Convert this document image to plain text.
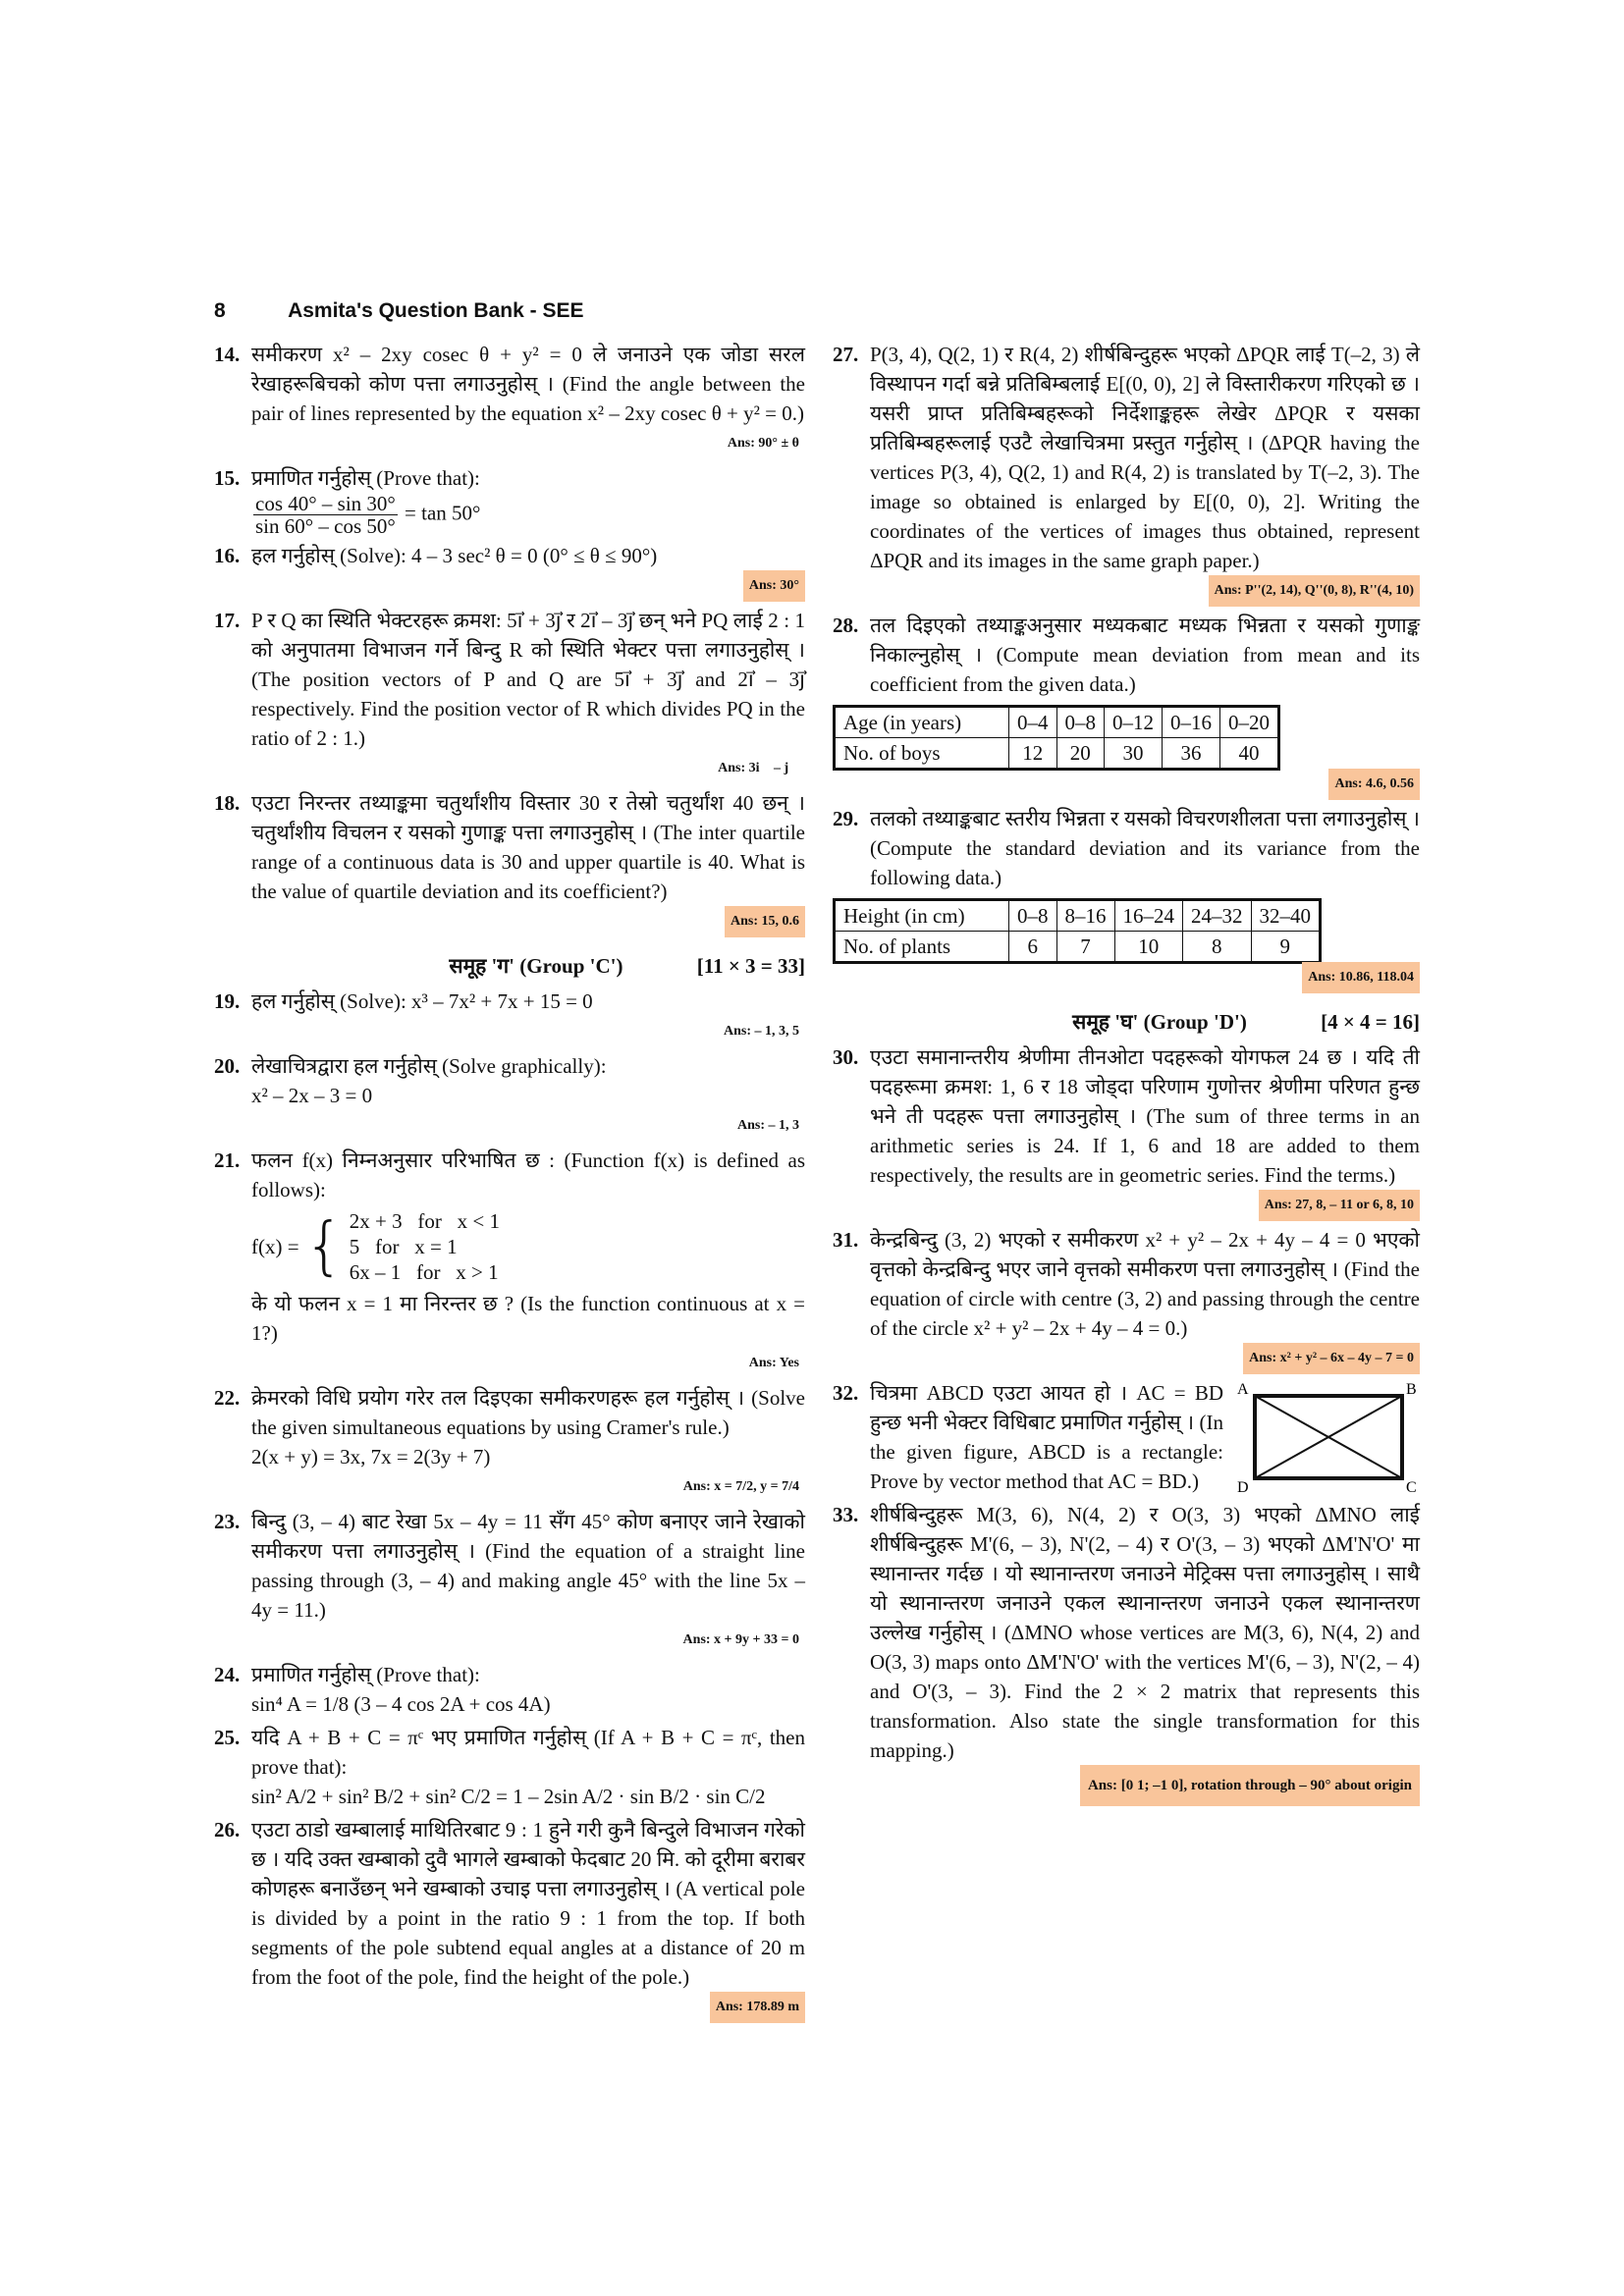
8	Asmita's Question Bank - SEE
14. समीकरण x² – 2xy cosec θ + y² = 0 ले जनाउने एक जोडा सरल रेखाहरूबिचको कोण पत्ता लगाउनुहोस् । (Find the angle between the pair of lines represented by the equation x² – 2xy cosec θ + y² = 0.)
Ans: 90° ± θ
15. प्रमाणित गर्नुहोस् (Prove that):
$\frac{\cos 40^\circ - \sin 30^\circ}{\sin 60^\circ - \cos 50^\circ} = \tan 50^\circ$
16. हल गर्नुहोस् (Solve): 4 – 3 sec² θ = 0 (0° ≤ θ ≤ 90°)
Ans: 30°
17. P र Q का स्थिति भेक्टरहरू क्रमश: 5i⃗ + 3j⃗ र 2i⃗ – 3j⃗ छन् भने PQ लाई 2 : 1 को अनुपातमा विभाजन गर्ने बिन्दु R को स्थिति भेक्टर पत्ता लगाउनुहोस् । (The position vectors of P and Q are 5i⃗ + 3j⃗ and 2i⃗ – 3j⃗ respectively. Find the position vector of R which divides PQ in the ratio of 2 : 1.)
Ans: 3i⃗ – j⃗
18. एउटा निरन्तर तथ्याङ्कमा चतुर्थांशीय विस्तार 30 र तेस्रो चतुर्थांश 40 छन् । चतुर्थांशीय विचलन र यसको गुणाङ्क पत्ता लगाउनुहोस् । (The inter quartile range of a continuous data is 30 and upper quartile is 40. What is the value of quartile deviation and its coefficient?)
Ans: 15, 0.6
समूह 'ग' (Group 'C')	[11 × 3 = 33]
19. हल गर्नुहोस् (Solve): x³ – 7x² + 7x + 15 = 0
Ans: – 1, 3, 5
20. लेखाचित्रद्वारा हल गर्नुहोस् (Solve graphically):
x² – 2x – 3 = 0
Ans: – 1, 3
21. फलन f(x) निम्नअनुसार परिभाषित छ : (Function f(x) is defined as follows):
f(x) = { 2x + 3   for   x < 1
5   for   x = 1
6x – 1   for   x > 1
के यो फलन x = 1 मा निरन्तर छ ? (Is the function continuous at x = 1?)
Ans: Yes
22. क्रेमरको विधि प्रयोग गरेर तल दिइएका समीकरणहरू हल गर्नुहोस् । (Solve the given simultaneous equations by using Cramer's rule.)
2(x + y) = 3x, 7x = 2(3y + 7)
Ans: x = 7/2, y = 7/4
23. बिन्दु (3, – 4) बाट रेखा 5x – 4y = 11 सँग 45° कोण बनाएर जाने रेखाको समीकरण पत्ता लगाउनुहोस् । (Find the equation of a straight line passing through (3, – 4) and making angle 45° with the line 5x – 4y = 11.)
Ans: x + 9y + 33 = 0
24. प्रमाणित गर्नुहोस् (Prove that):
sin⁴ A = 1/8 (3 – 4 cos 2A + cos 4A)
25. यदि A + B + C = πᶜ भए प्रमाणित गर्नुहोस् (If A + B + C = πᶜ, then prove that):
sin² A/2 + sin² B/2 + sin² C/2 = 1 – 2sin A/2 · sin B/2 · sin C/2
26. एउटा ठाडो खम्बालाई माथितिरबाट 9 : 1 हुने गरी कुनै बिन्दुले विभाजन गरेको छ । यदि उक्त खम्बाको दुवै भागले खम्बाको फेदबाट 20 मि. को दूरीमा बराबर कोणहरू बनाउँछन् भने खम्बाको उचाइ पत्ता लगाउनुहोस् । (A vertical pole is divided by a point in the ratio 9 : 1 from the top. If both segments of the pole subtend equal angles at a distance of 20 m from the foot of the pole, find the height of the pole.)
Ans: 178.89 m
27. P(3, 4), Q(2, 1) र R(4, 2) शीर्षबिन्दुहरू भएको ΔPQR लाई T(–2, 3) ले विस्थापन गर्दा बन्ने प्रतिबिम्बलाई E[(0, 0), 2] ले विस्तारीकरण गरिएको छ । यसरी प्राप्त प्रतिबिम्बहरूको निर्देशाङ्कहरू लेखेर ΔPQR र यसका प्रतिबिम्बहरूलाई एउटै लेखाचित्रमा प्रस्तुत गर्नुहोस् । (ΔPQR having the vertices P(3, 4), Q(2, 1) and R(4, 2) is translated by T(–2, 3). The image so obtained is enlarged by E[(0, 0), 2]. Writing the coordinates of the vertices of images thus obtained, represent ΔPQR and its images in the same graph paper.)
Ans: P''(2, 14), Q''(0, 8), R''(4, 10)
28. तल दिइएको तथ्याङ्कअनुसार मध्यकबाट मध्यक भिन्नता र यसको गुणाङ्क निकाल्नुहोस् । (Compute mean deviation from mean and its coefficient from the given data.)
Age (in years)	0–4	0–8	0–12	0–16	0–20
No. of boys	12	20	30	36	40
Ans: 4.6, 0.56
29. तलको तथ्याङ्कबाट स्तरीय भिन्नता र यसको विचरणशीलता पत्ता लगाउनुहोस् । (Compute the standard deviation and its variance from the following data.)
Height (in cm)	0–8	8–16	16–24	24–32	32–40
No. of plants	6	7	10	8	9
Ans: 10.86, 118.04
समूह 'घ' (Group 'D')	[4 × 4 = 16]
30. एउटा समानान्तरीय श्रेणीमा तीनओटा पदहरूको योगफल 24 छ । यदि ती पदहरूमा क्रमश: 1, 6 र 18 जोड्दा परिणाम गुणोत्तर श्रेणीमा परिणत हुन्छ भने ती पदहरू पत्ता लगाउनुहोस् । (The sum of three terms in an arithmetic series is 24. If 1, 6 and 18 are added to them respectively, the results are in geometric series. Find the terms.)
Ans: 27, 8, – 11 or 6, 8, 10
31. केन्द्रबिन्दु (3, 2) भएको र समीकरण x² + y² – 2x + 4y – 4 = 0 भएको वृत्तको केन्द्रबिन्दु भएर जाने वृत्तको समीकरण पत्ता लगाउनुहोस् । (Find the equation of circle with centre (3, 2) and passing through the centre of the circle x² + y² – 2x + 4y – 4 = 0.)
Ans: x² + y² – 6x – 4y – 7 = 0
32. चित्रमा ABCD एउटा आयत हो । AC = BD हुन्छ भनी भेक्टर विधिबाट प्रमाणित गर्नुहोस् । (In the given figure, ABCD is a rectangle: Prove by vector method that AC = BD.)
A	B
C
D
33. शीर्षबिन्दुहरू M(3, 6), N(4, 2) र O(3, 3) भएको ΔMNO लाई शीर्षबिन्दुहरू M'(6, – 3), N'(2, – 4) र O'(3, – 3) भएको ΔM'N'O' मा स्थानान्तर गर्दछ । यो स्थानान्तरण जनाउने मेट्रिक्स पत्ता लगाउनुहोस् । साथै यो स्थानान्तरण जनाउने एकल स्थानान्तरण जनाउने एकल स्थानान्तरण उल्लेख गर्नुहोस् । (ΔMNO whose vertices are M(3, 6), N(4, 2) and O(3, 3) maps onto ΔM'N'O' with the vertices M'(6, – 3), N'(2, – 4) and O'(3, – 3). Find the 2 × 2 matrix that represents this transformation. Also state the single transformation for this mapping.)
Ans: [0 1; –1 0], rotation through – 90° about origin
